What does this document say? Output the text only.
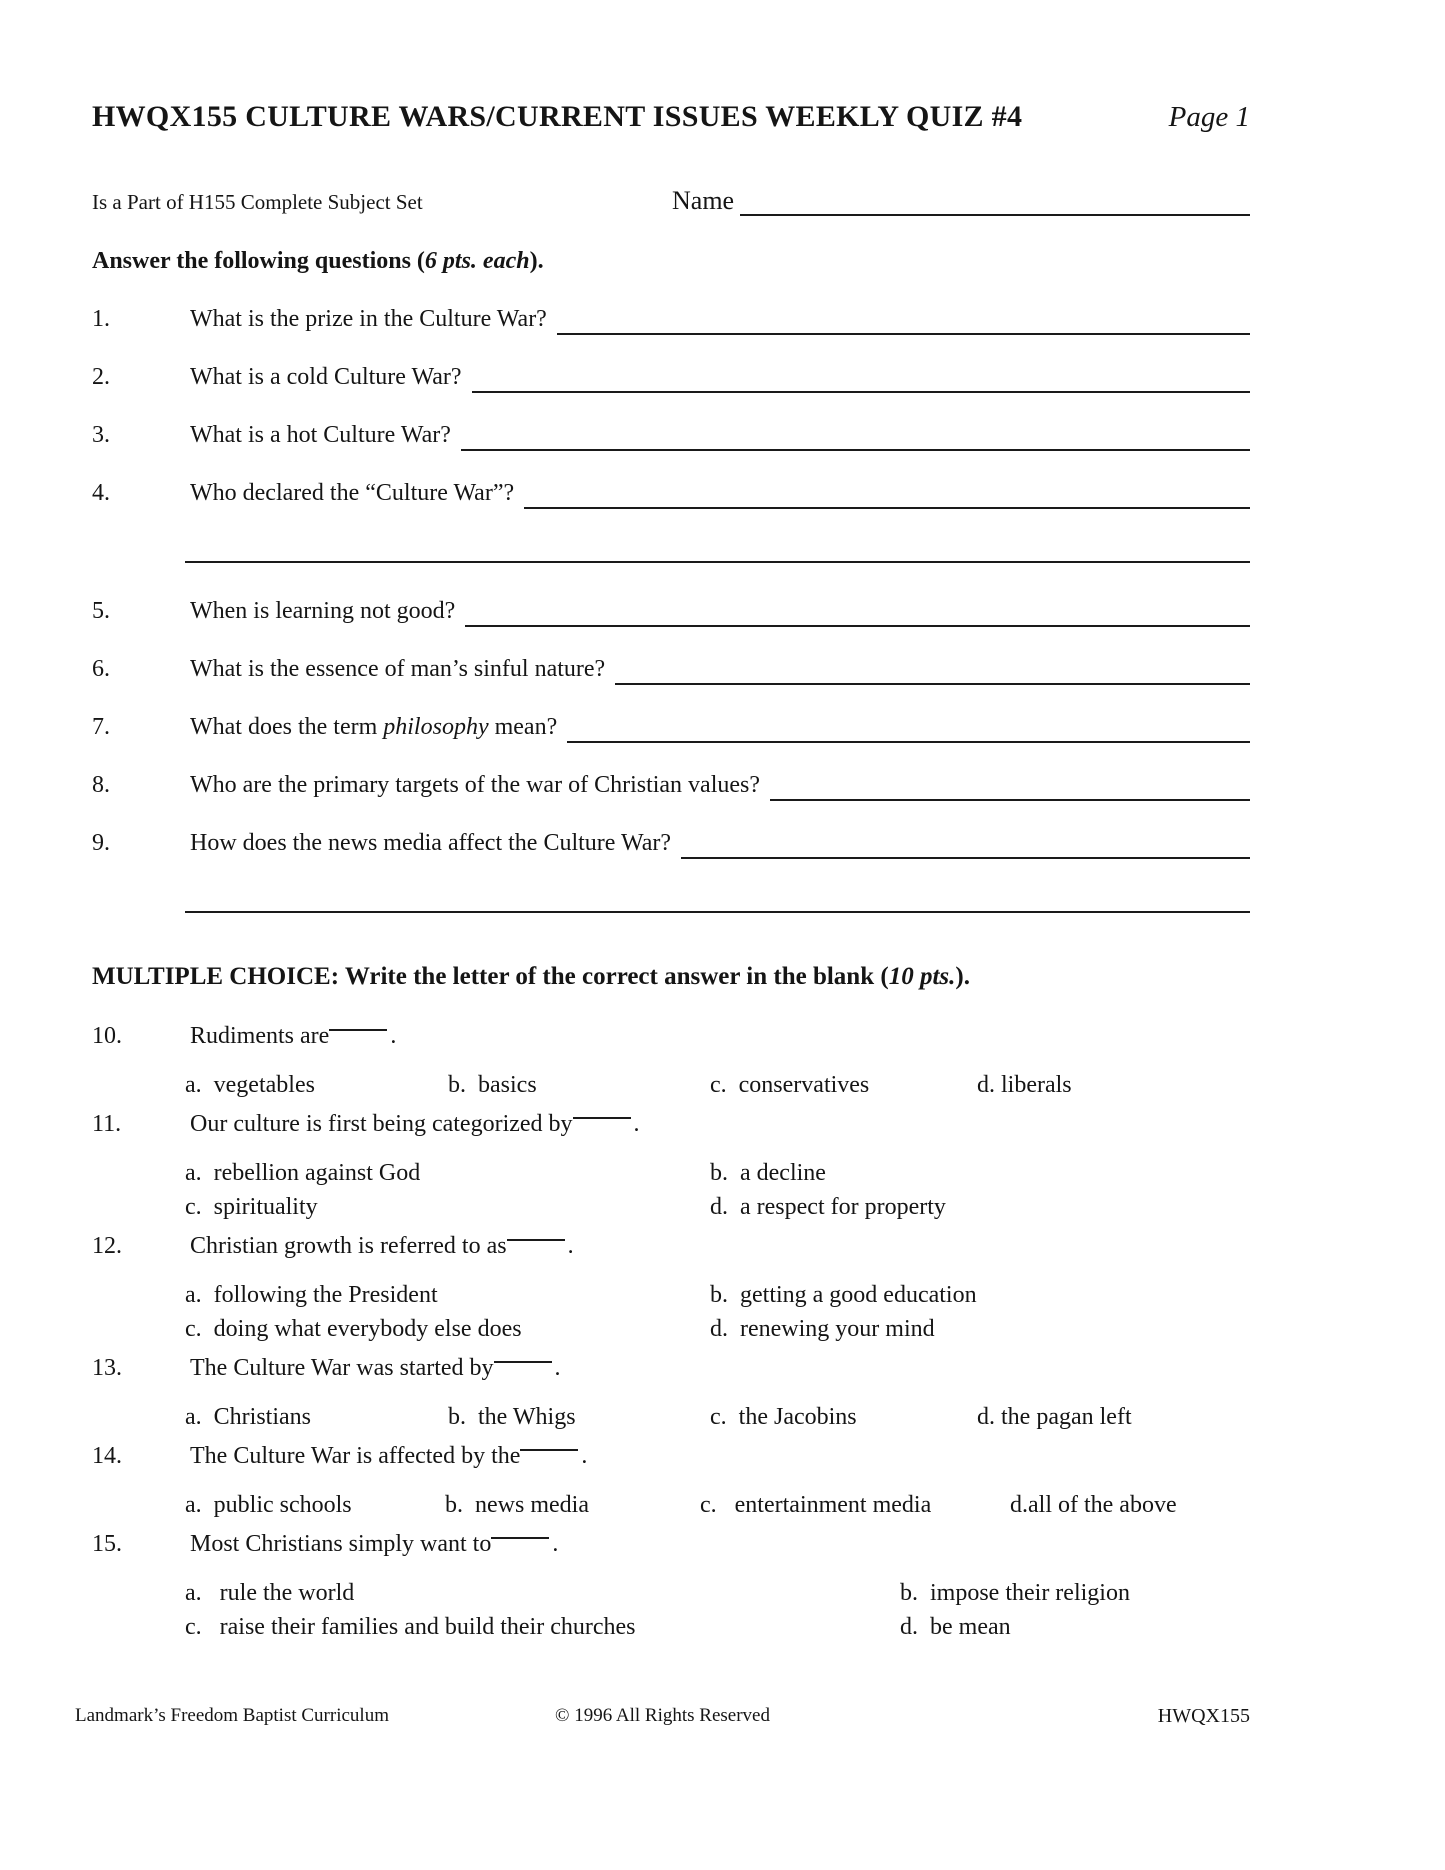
HWQX155 CULTURE WARS/CURRENT ISSUES WEEKLY QUIZ #4	Page 1
Is a Part of H155 Complete Subject Set	Name
Answer the following questions (6 pts. each).
1.	What is the prize in the Culture War?
2.	What is a cold Culture War?
3.	What is a hot Culture War?
4.	Who declared the “Culture War”?
5.	When is learning not good?
6.	What is the essence of man’s sinful nature?
7.	What does the term philosophy mean?
8.	Who are the primary targets of the war of Christian values?
9.	How does the news media affect the Culture War?
MULTIPLE CHOICE: Write the letter of the correct answer in the blank (10 pts.).
10.	Rudiments are	.
a.  vegetables	b.  basics	c.  conservatives	d. liberals
11.	Our culture is first being categorized by	.
a.  rebellion against God	b.  a decline
c.  spirituality	d.  a respect for property
12.	Christian growth is referred to as	.
a.  following the President	b.  getting a good education
c.  doing what everybody else does	d.  renewing your mind
13.	The Culture War was started by	.
a.  Christians	b.  the Whigs	c.  the Jacobins	d. the pagan left
14.	The Culture War is affected by the	.
a.  public schools	b.  news media	c.   entertainment media	d.all of the above
15.	Most Christians simply want to	.
a.   rule the world	b.  impose their religion
c.   raise their families and build their churches	d.  be mean
Landmark’s Freedom Baptist Curriculum	© 1996 All Rights Reserved	HWQX155
